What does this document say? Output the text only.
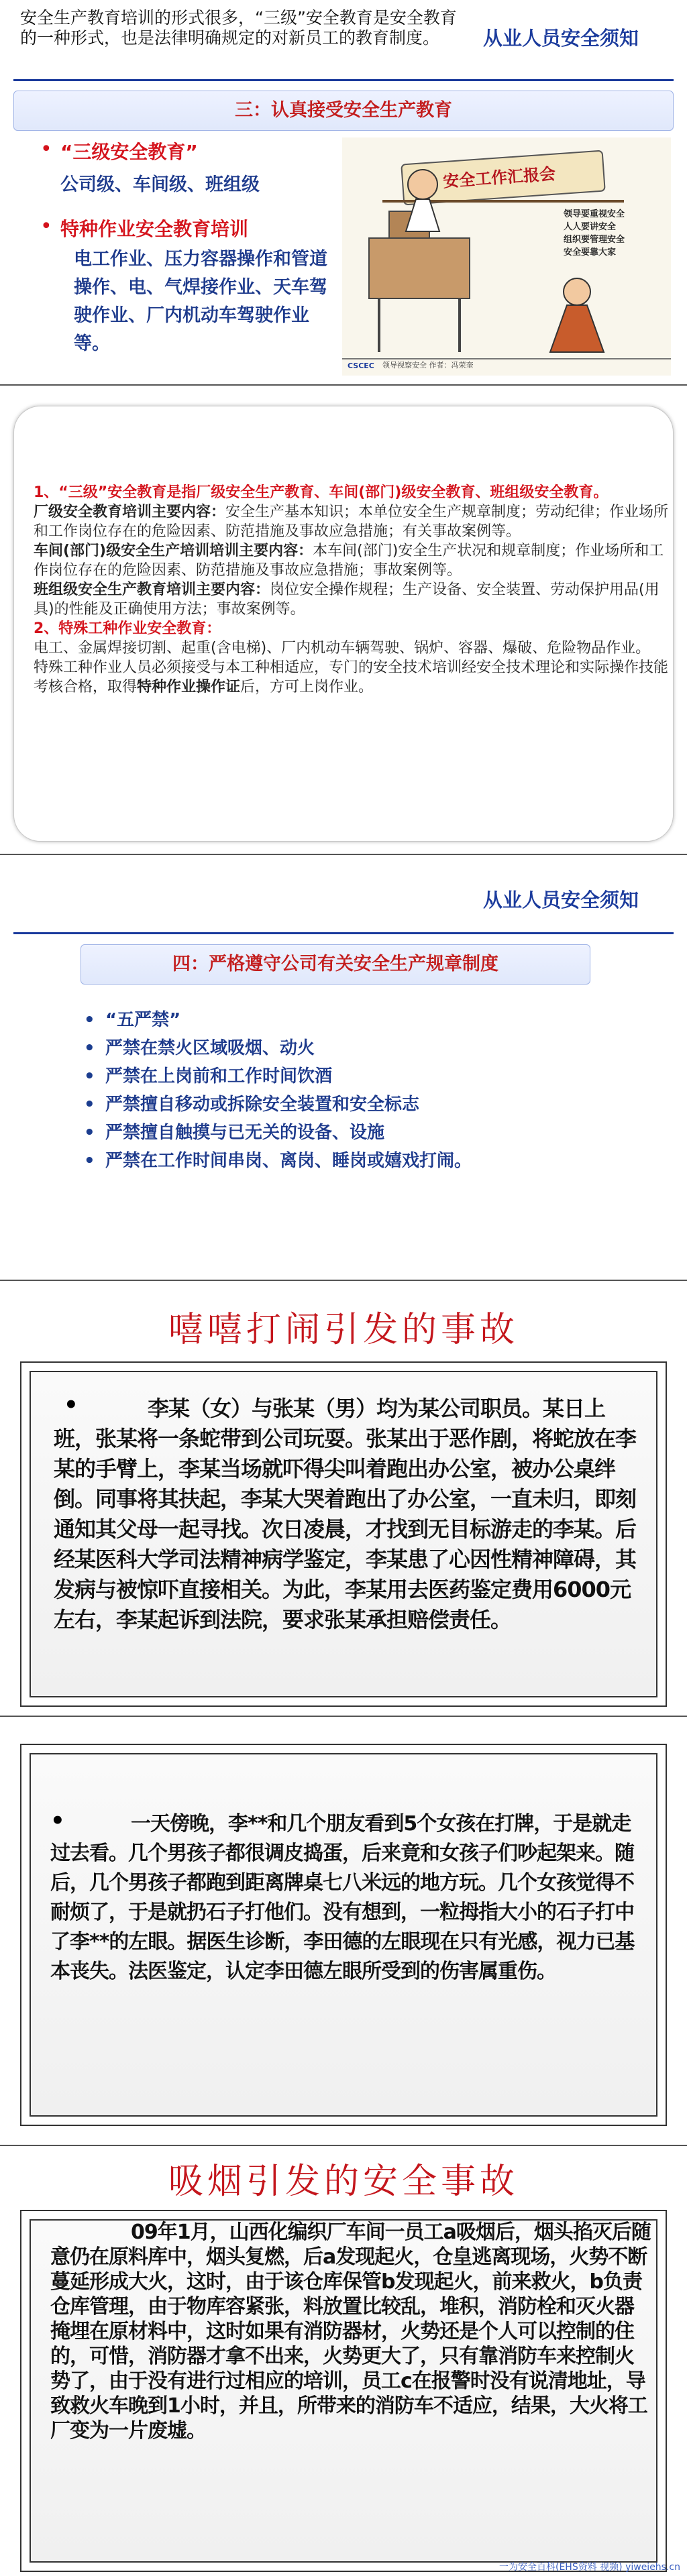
安全生产教育培训的形式很多，“三级”安全教育是安全教育的一种形式，也是法律明确规定的对新员工的教育制度。	从业人员安全须知
三：认真接受安全生产教育
• “三级安全教育”
公司级、车间级、班组级
• 特种作业安全教育培训
电工作业、压力容器操作和管道操作、电、气焊接作业、天车驾驶作业、厂内机动车驾驶作业等。
安全工作汇报会
领导要重视安全
人人要讲安全
组织要管理安全
安全要靠大家
CSCEC 领导视察安全 作者：冯荣奎
1、“三级”安全教育是指厂级安全生产教育、车间(部门)级安全教育、班组级安全教育。
厂级安全教育培训主要内容：安全生产基本知识；本单位安全生产规章制度；劳动纪律；作业场所和工作岗位存在的危险因素、防范措施及事故应急措施；有关事故案例等。
车间(部门)级安全生产培训培训主要内容：本车间(部门)安全生产状况和规章制度；作业场所和工作岗位存在的危险因素、防范措施及事故应急措施；事故案例等。
班组级安全生产教育培训主要内容：岗位安全操作规程；生产设备、安全装置、劳动保护用品(用具)的性能及正确使用方法；事故案例等。
2、特殊工种作业安全教育：
电工、金属焊接切割、起重(含电梯)、厂内机动车辆驾驶、锅炉、容器、爆破、危险物品作业。
特殊工种作业人员必须接受与本工种相适应，专门的安全技术培训经安全技术理论和实际操作技能考核合格，取得特种作业操作证后，方可上岗作业。
从业人员安全须知
四：严格遵守公司有关安全生产规章制度
• “五严禁”
• 严禁在禁火区域吸烟、动火
• 严禁在上岗前和工作时间饮酒
• 严禁擅自移动或拆除安全装置和安全标志
• 严禁擅自触摸与已无关的设备、设施
• 严禁在工作时间串岗、离岗、睡岗或嬉戏打闹。
嘻嘻打闹引发的事故
•	李某（女）与张某（男）均为某公司职员。某日上班，张某将一条蛇带到公司玩耍。张某出于恶作剧，将蛇放在李某的手臂上，李某当场就吓得尖叫着跑出办公室，被办公桌绊倒。同事将其扶起，李某大哭着跑出了办公室，一直未归，即刻通知其父母一起寻找。次日凌晨，才找到无目标游走的李某。后经某医科大学司法精神病学鉴定，李某患了心因性精神障碍，其发病与被惊吓直接相关。为此，李某用去医药鉴定费用6000元左右，李某起诉到法院，要求张某承担赔偿责任。
•	一天傍晚，李**和几个朋友看到5个女孩在打牌，于是就走过去看。几个男孩子都很调皮捣蛋，后来竟和女孩子们吵起架来。随后，几个男孩子都跑到距离牌桌七八米远的地方玩。几个女孩觉得不耐烦了，于是就扔石子打他们。没有想到，一粒拇指大小的石子打中了李**的左眼。据医生诊断，李田德的左眼现在只有光感，视力已基本丧失。法医鉴定，认定李田德左眼所受到的伤害属重伤。
吸烟引发的安全事故
09年1月，山西化编织厂车间一员工a吸烟后，烟头掐灭后随意仍在原料库中，烟头复燃，后a发现起火，仓皇逃离现场，火势不断蔓延形成大火，这时，由于该仓库保管b发现起火，前来救火，b负责仓库管理，由于物库容紧张，料放置比较乱，堆积，消防栓和灭火器掩埋在原材料中，这时如果有消防器材，火势还是个人可以控制的住的，可惜，消防器才拿不出来，火势更大了，只有靠消防车来控制火势了，由于没有进行过相应的培训，员工c在报警时没有说清地址，导致救火车晚到1小时，并且，所带来的消防车不适应，结果，大火将工厂变为一片废墟。
一为安全百科(EHS资料 视频) yiweiehs.cn
